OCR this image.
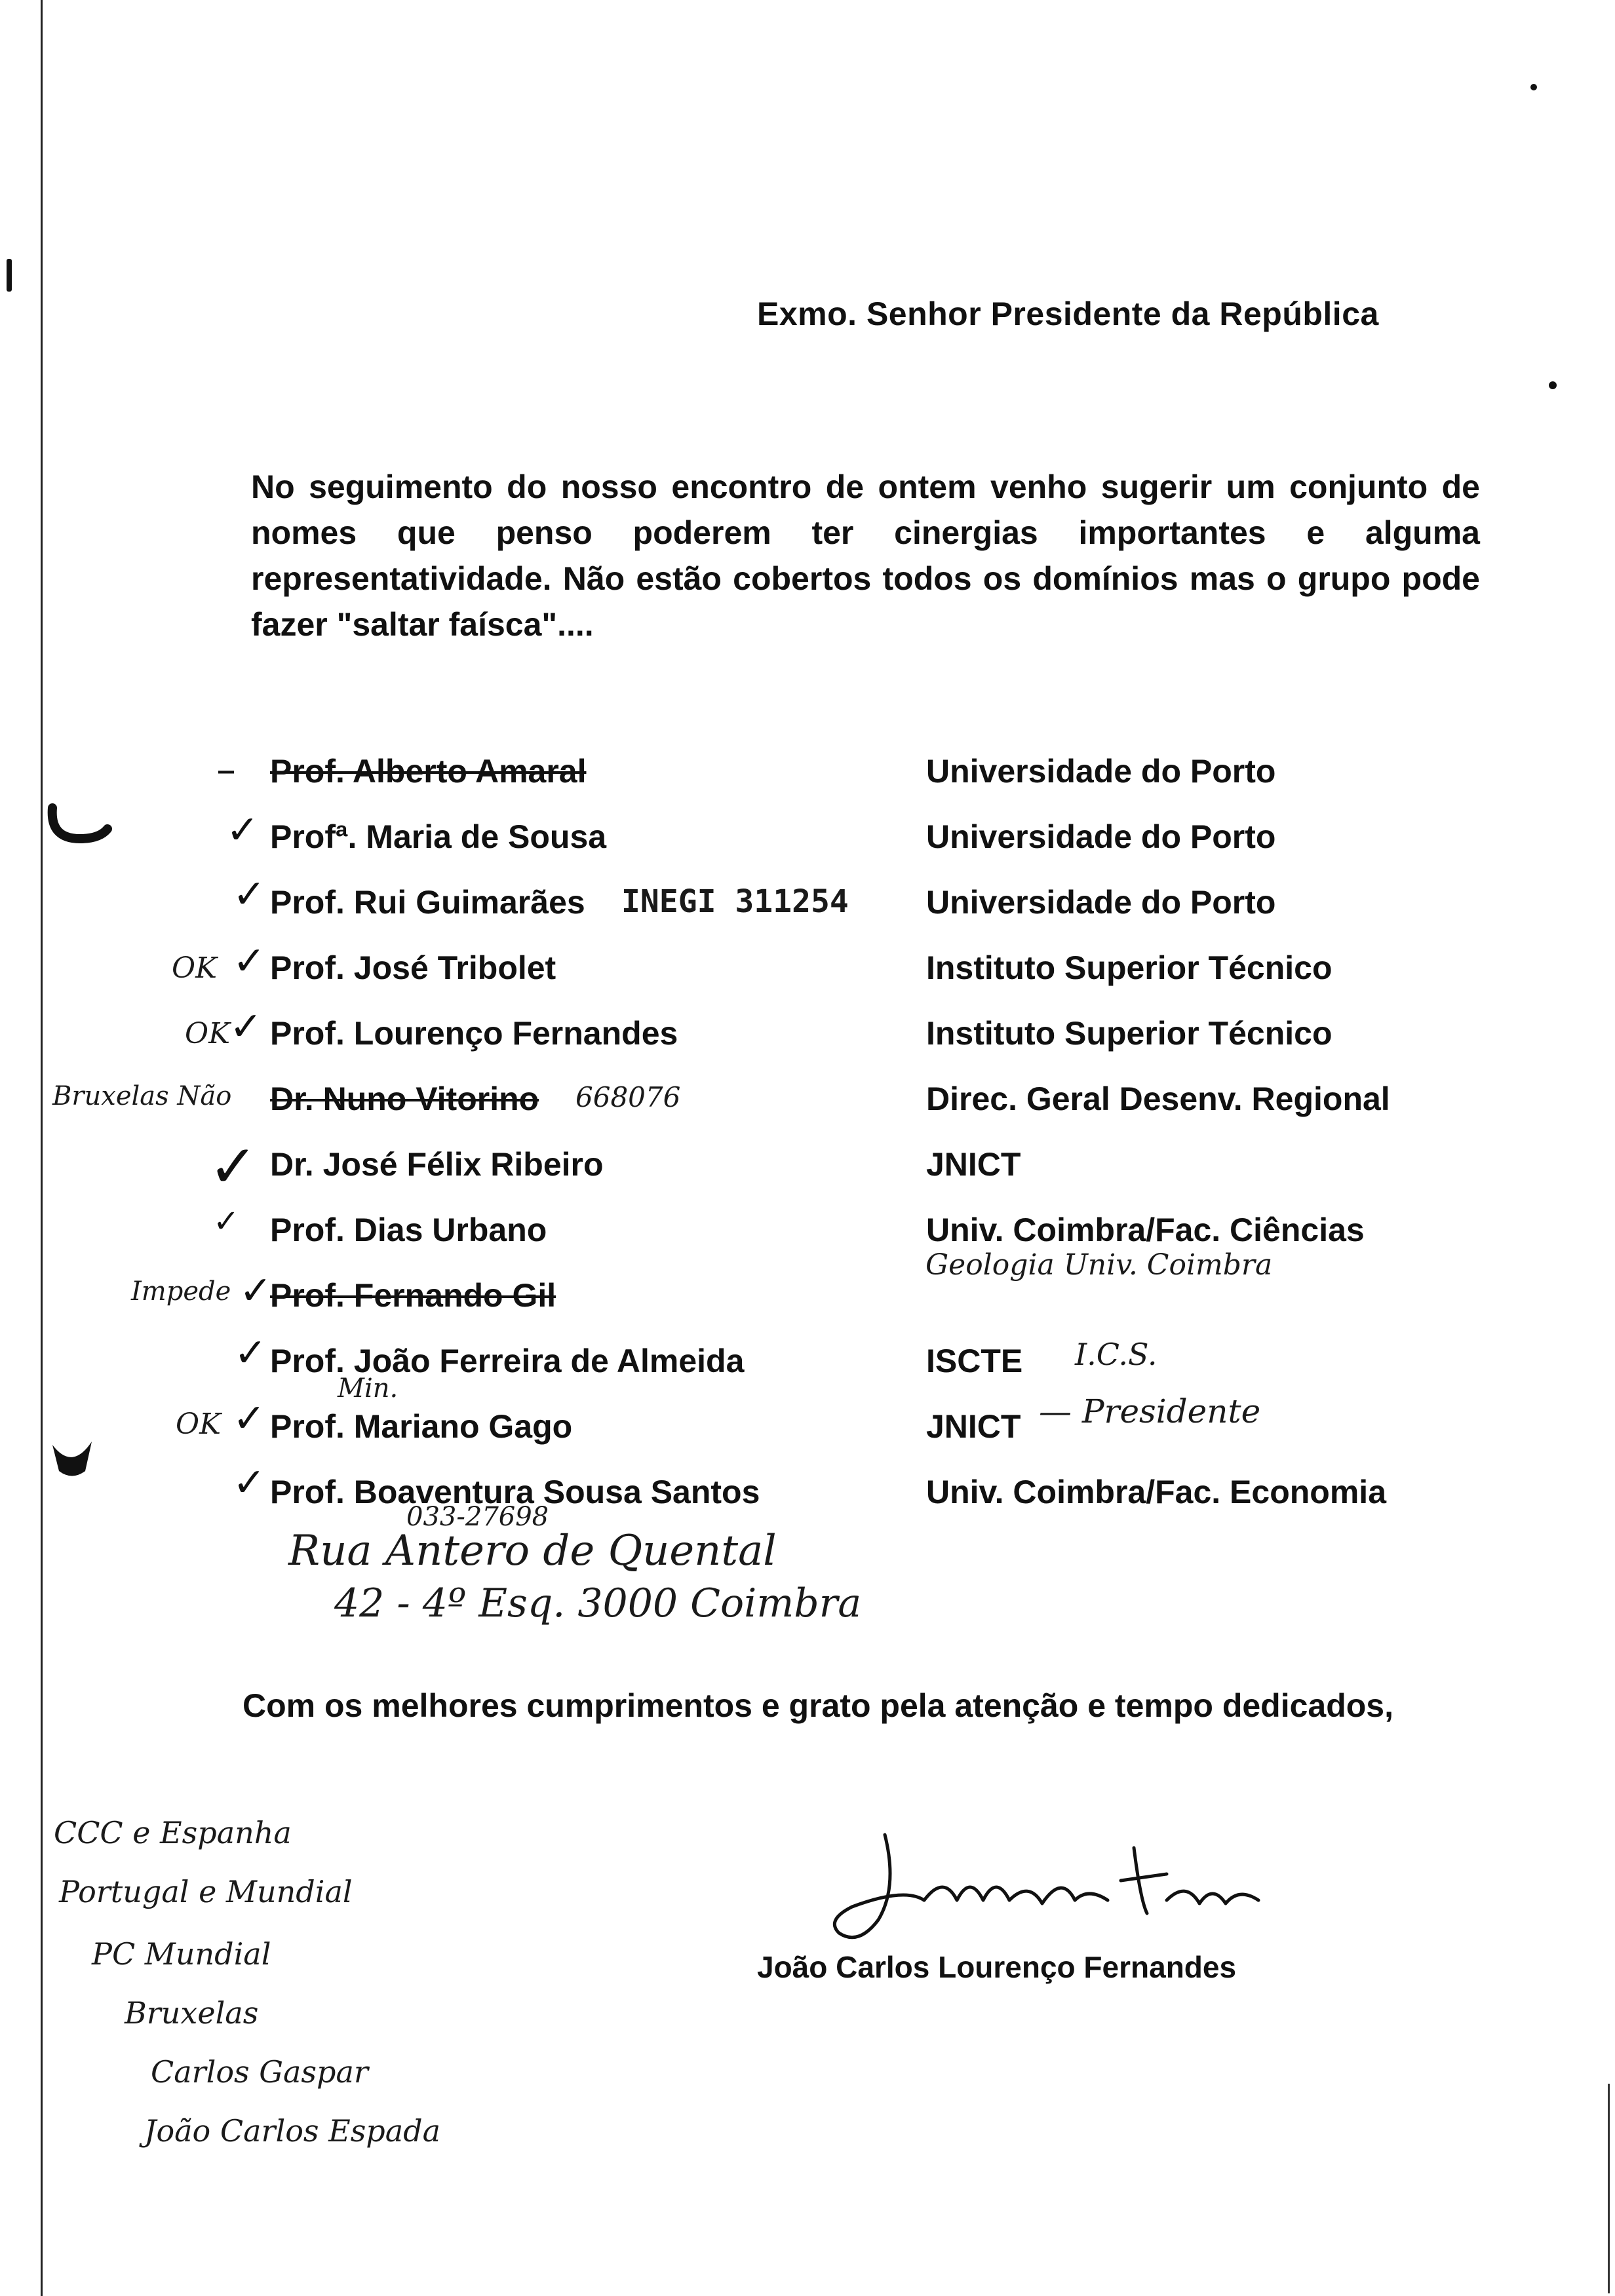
Exmo. Senhor Presidente da República
No seguimento do nosso encontro de ontem venho sugerir um conjunto de nomes que penso poderem ter cinergias importantes e alguma representatividade. Não estão cobertos todos os domínios mas o grupo pode fazer "saltar faísca"....
Prof. Alberto Amaral	Universidade do Porto
Profª. Maria de Sousa	Universidade do Porto
Prof. Rui Guimarães	Universidade do Porto
Prof. José Tribolet	Instituto Superior Técnico
Prof. Lourenço Fernandes	Instituto Superior Técnico
Dr. Nuno Vitorino	Direc. Geral Desenv. Regional
Dr. José Félix Ribeiro	JNICT
Prof. Dias Urbano	Univ. Coimbra/Fac. Ciências
Prof. Fernando Gil
Prof. João Ferreira de Almeida	ISCTE
Prof. Mariano Gago	JNICT
Prof. Boaventura Sousa Santos	Univ. Coimbra/Fac. Economia
–
✓
✓
✓
✓
✓
✓
✓
✓
✓
✓
INEGI 311254
OK
OK
Bruxelas Não	668076
Geologia Univ. Coimbra
Impede
I.C.S.
OK
Min.
— Presidente
033-27698
Rua Antero de Quental
42 - 4º Esq. 3000 Coimbra
Com os melhores cumprimentos e grato pela atenção e tempo dedicados,
CCC e Espanha
Portugal e Mundial
PC Mundial
Bruxelas
Carlos Gaspar
João Carlos Espada
João Carlos Lourenço Fernandes
